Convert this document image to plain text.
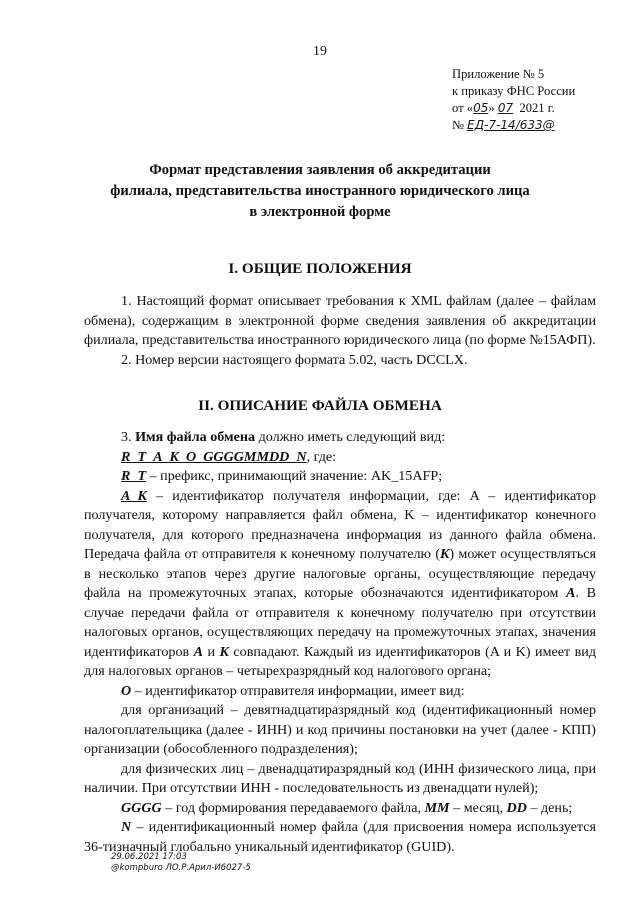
19
Приложение № 5
к приказу ФНС России
от «05» 07 2021 г.
№ ЕД-7-14/633@
Формат представления заявления об аккредитации
филиала, представительства иностранного юридического лица
в электронной форме
I. ОБЩИЕ ПОЛОЖЕНИЯ

1. Настоящий формат описывает требования к XML файлам (далее – файлам обмена), содержащим в электронной форме сведения заявления об аккредитации филиала, представительства иностранного юридического лица (по форме №15АФП).

2. Номер версии настоящего формата 5.02, часть DCCLX.

II. ОПИСАНИЕ ФАЙЛА ОБМЕНА

3. Имя файла обмена должно иметь следующий вид:

R_T_A_K_O_GGGGMMDD_N, где:

R_T – префикс, принимающий значение: AK_15AFP;

A_K – идентификатор получателя информации, где: A – идентификатор получателя, которому направляется файл обмена, K – идентификатор конечного получателя, для которого предназначена информация из данного файла обмена. Передача файла от отправителя к конечному получателю (K) может осуществляться в несколько этапов через другие налоговые органы, осуществляющие передачу файла на промежуточных этапах, которые обозначаются идентификатором A. В случае передачи файла от отправителя к конечному получателю при отсутствии налоговых органов, осуществляющих передачу на промежуточных этапах, значения идентификаторов A и K совпадают. Каждый из идентификаторов (A и K) имеет вид для налоговых органов – четырехразрядный код налогового органа;

O – идентификатор отправителя информации, имеет вид:

для организаций – девятнадцатиразрядный код (идентификационный номер налогоплательщика (далее - ИНН) и код причины постановки на учет (далее - КПП) организации (обособленного подразделения);

для физических лиц – двенадцатиразрядный код (ИНН физического лица, при наличии. При отсутствии ИНН - последовательность из двенадцати нулей);

GGGG – год формирования передаваемого файла, MM – месяц, DD – день;

N – идентификационный номер файла (для присвоения номера используется 36-тизначный глобально уникальный идентификатор (GUID).

29.06.2021 17:03
@kompburo ЛО.Р.Арил-И6027-5
